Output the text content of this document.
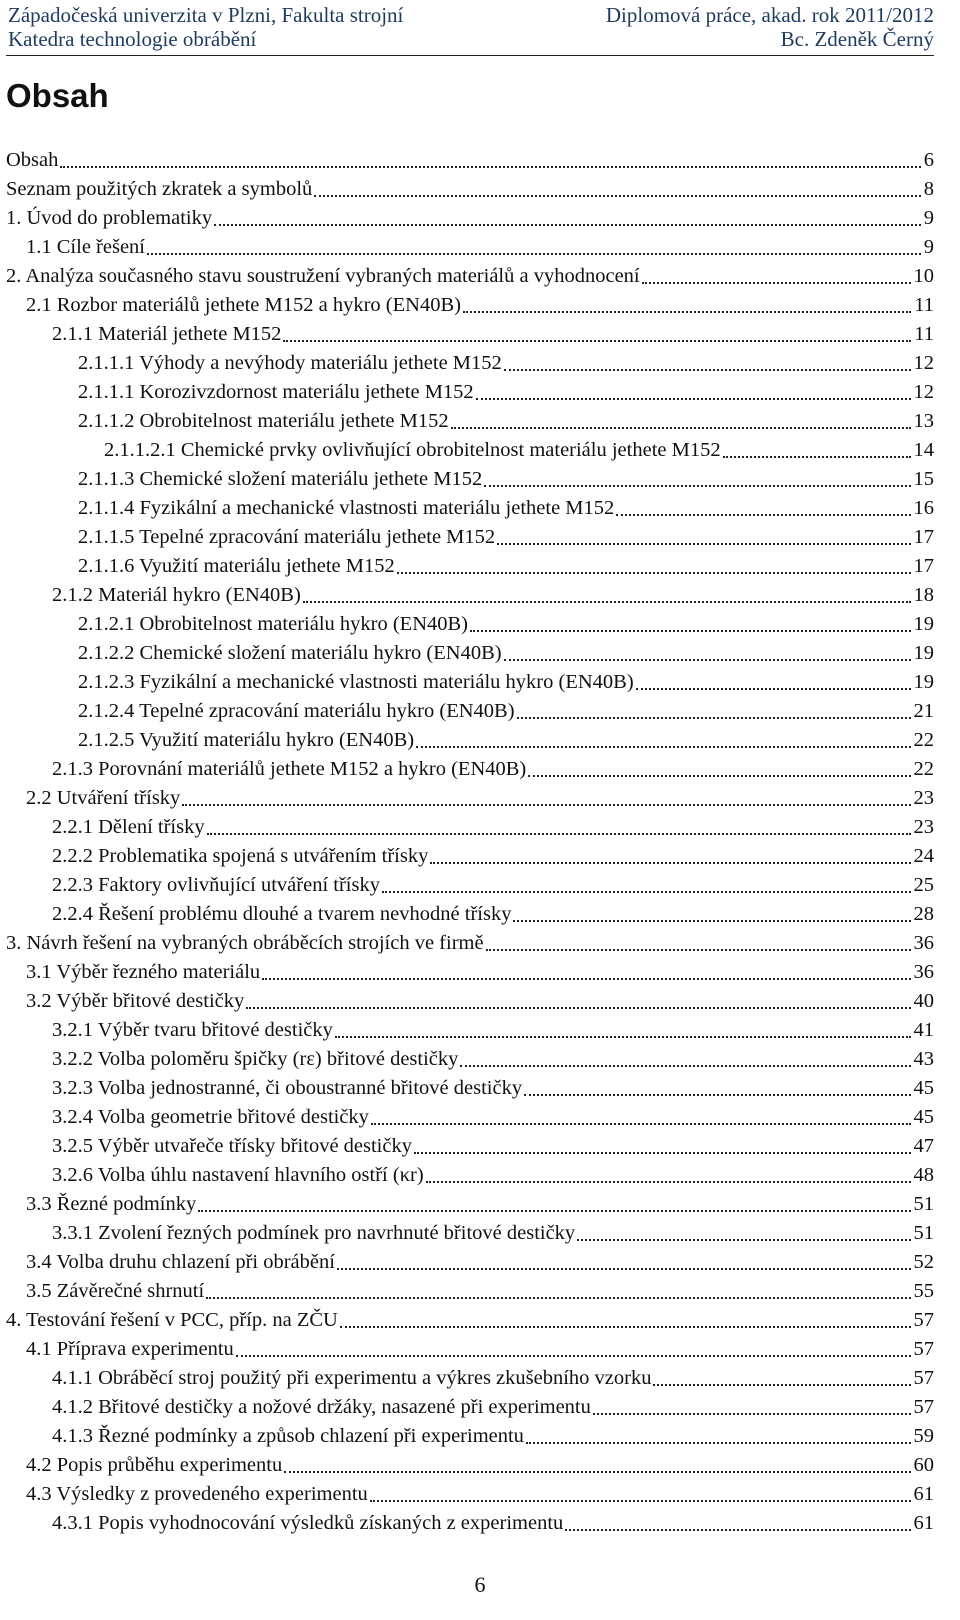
Západočeská univerzita v Plzni, Fakulta strojní	Diplomová práce, akad. rok 2011/2012
Katedra technologie obrábění	Bc. Zdeněk Černý
Obsah
Obsah	6
Seznam použitých zkratek a symbolů	8
1. Úvod do problematiky	9
1.1 Cíle řešení	9
2. Analýza současného stavu soustružení vybraných materiálů a vyhodnocení	10
2.1 Rozbor materiálů jethete M152 a hykro (EN40B)	11
2.1.1 Materiál jethete M152	11
2.1.1.1 Výhody a nevýhody materiálu jethete M152	12
2.1.1.1 Korozivzdornost materiálu jethete M152	12
2.1.1.2 Obrobitelnost materiálu jethete M152	13
2.1.1.2.1 Chemické prvky ovlivňující obrobitelnost materiálu jethete M152	14
2.1.1.3 Chemické složení materiálu jethete M152	15
2.1.1.4 Fyzikální a mechanické vlastnosti materiálu jethete M152	16
2.1.1.5 Tepelné zpracování materiálu jethete M152	17
2.1.1.6 Využití materiálu jethete M152	17
2.1.2 Materiál hykro (EN40B)	18
2.1.2.1 Obrobitelnost materiálu hykro (EN40B)	19
2.1.2.2 Chemické složení materiálu hykro (EN40B)	19
2.1.2.3 Fyzikální a mechanické vlastnosti materiálu hykro (EN40B)	19
2.1.2.4 Tepelné zpracování materiálu hykro (EN40B)	21
2.1.2.5 Využití materiálu hykro (EN40B)	22
2.1.3 Porovnání materiálů jethete M152 a hykro (EN40B)	22
2.2 Utváření třísky	23
2.2.1 Dělení třísky	23
2.2.2 Problematika spojená s utvářením třísky	24
2.2.3 Faktory ovlivňující utváření třísky	25
2.2.4 Řešení problému dlouhé a tvarem nevhodné třísky	28
3. Návrh řešení na vybraných obráběcích strojích ve firmě	36
3.1 Výběr řezného materiálu	36
3.2 Výběr břitové destičky	40
3.2.1 Výběr tvaru břitové destičky	41
3.2.2 Volba poloměru špičky (rε) břitové destičky	43
3.2.3 Volba jednostranné, či oboustranné břitové destičky	45
3.2.4 Volba geometrie břitové destičky	45
3.2.5 Výběr utvařeče třísky břitové destičky	47
3.2.6 Volba úhlu nastavení hlavního ostří (κr)	48
3.3 Řezné podmínky	51
3.3.1 Zvolení řezných podmínek pro navrhnuté břitové destičky	51
3.4 Volba druhu chlazení při obrábění	52
3.5 Závěrečné shrnutí	55
4. Testování řešení v PCC, příp. na ZČU	57
4.1 Příprava experimentu	57
4.1.1 Obráběcí stroj použitý při experimentu a výkres zkušebního vzorku	57
4.1.2 Břitové destičky a nožové držáky, nasazené při experimentu	57
4.1.3 Řezné podmínky a způsob chlazení při experimentu	59
4.2 Popis průběhu experimentu	60
4.3 Výsledky z provedeného experimentu	61
4.3.1 Popis vyhodnocování výsledků získaných z experimentu	61
6
